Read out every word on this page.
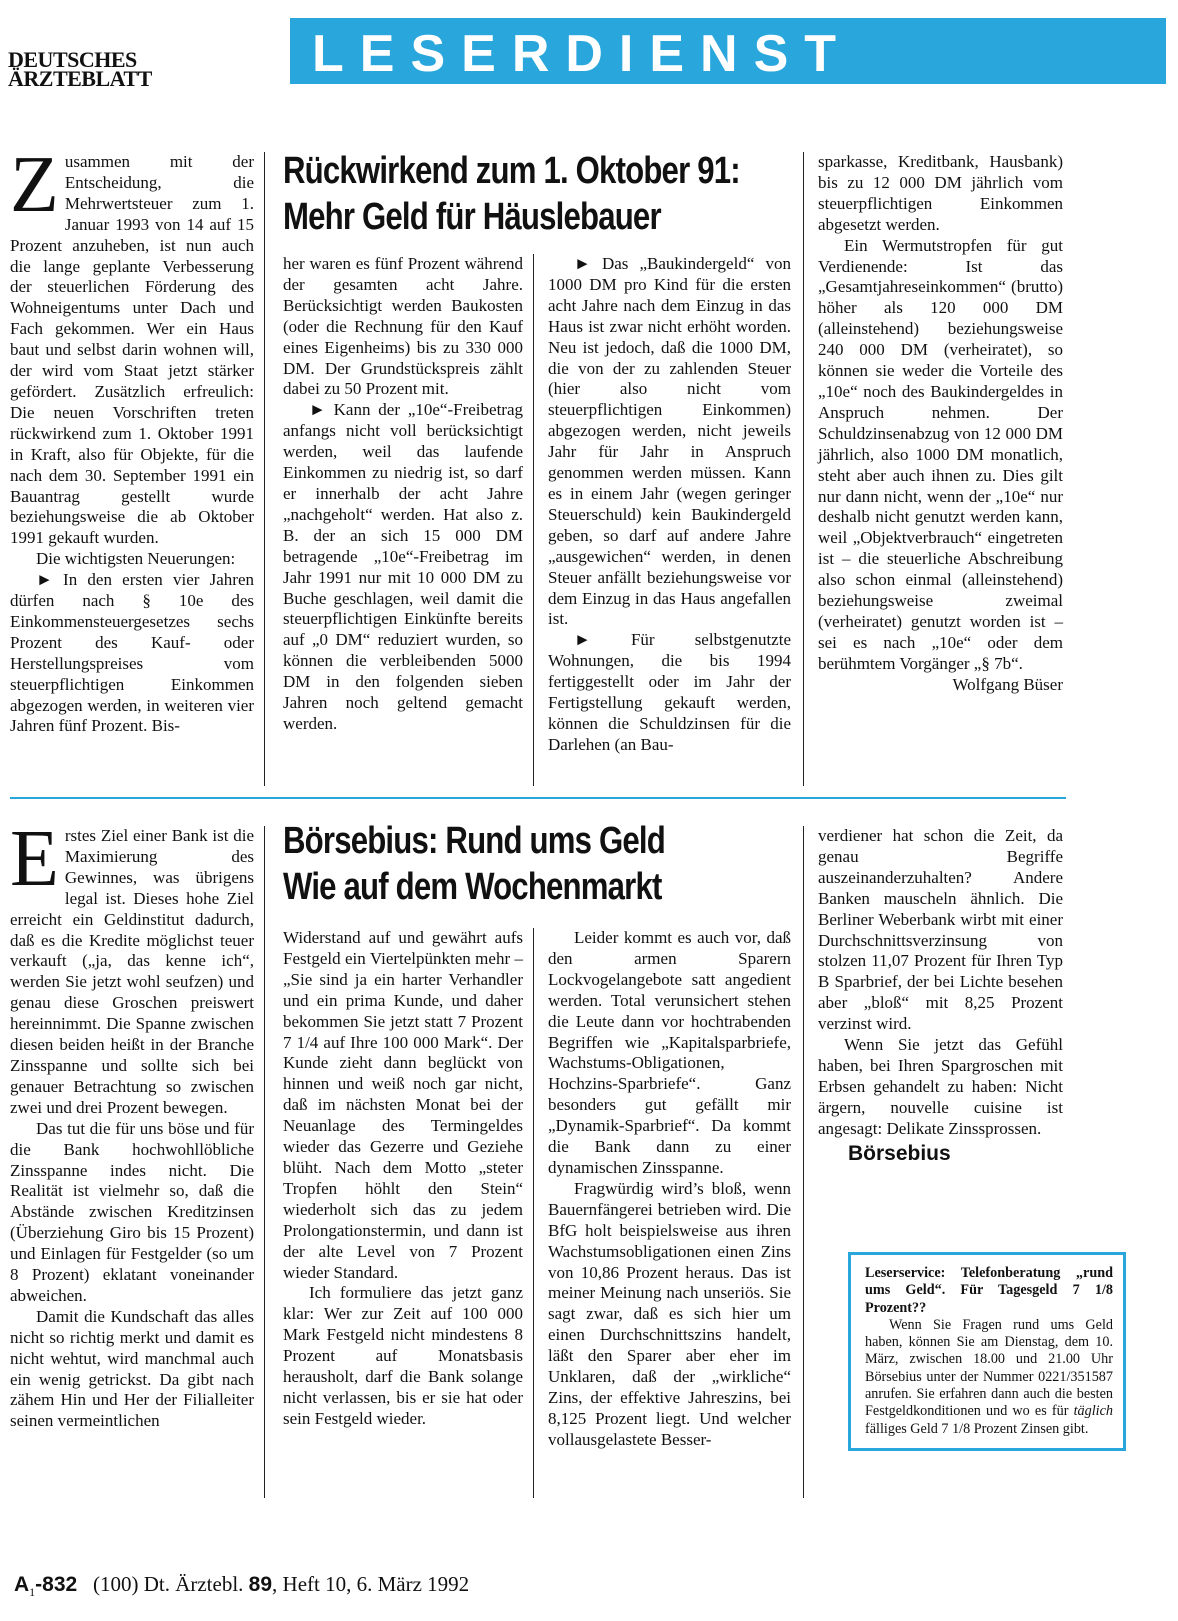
DEUTSCHES
ÄRZTEBLATT	LESERDIENST

Zusammen mit der Entscheidung, die Mehrwertsteuer zum 1. Januar 1993 von 14 auf 15 Prozent anzuheben, ist nun auch die lange geplante Verbesserung der steuerlichen Förderung des Wohneigentums unter Dach und Fach gekommen. Wer ein Haus baut und selbst darin wohnen will, der wird vom Staat jetzt stärker gefördert. Zusätzlich erfreulich: Die neuen Vorschriften treten rückwirkend zum 1. Oktober 1991 in Kraft, also für Objekte, für die nach dem 30. September 1991 ein Bauantrag gestellt wurde beziehungsweise die ab Oktober 1991 gekauft wurden.

Die wichtigsten Neuerungen:

► In den ersten vier Jahren dürfen nach § 10e des Einkommensteuergesetzes sechs Prozent des Kauf- oder Herstellungspreises vom steuerpflichtigen Einkommen abgezogen werden, in weiteren vier Jahren fünf Prozent. Bis-

Rückwirkend zum 1. Oktober 91:
Mehr Geld für Häuslebauer

her waren es fünf Prozent während der gesamten acht Jahre. Berücksichtigt werden Baukosten (oder die Rechnung für den Kauf eines Eigenheims) bis zu 330 000 DM. Der Grundstückspreis zählt dabei zu 50 Prozent mit.

► Kann der „10e“-Freibetrag anfangs nicht voll berücksichtigt werden, weil das laufende Einkommen zu niedrig ist, so darf er innerhalb der acht Jahre „nachgeholt“ werden. Hat also z. B. der an sich 15 000 DM betragende „10e“-Freibetrag im Jahr 1991 nur mit 10 000 DM zu Buche geschlagen, weil damit die steuerpflichtigen Einkünfte bereits auf „0 DM“ reduziert wurden, so können die verbleibenden 5000 DM in den folgenden sieben Jahren noch geltend gemacht werden.

► Das „Baukindergeld“ von 1000 DM pro Kind für die ersten acht Jahre nach dem Einzug in das Haus ist zwar nicht erhöht worden. Neu ist jedoch, daß die 1000 DM, die von der zu zahlenden Steuer (hier also nicht vom steuerpflichtigen Einkommen) abgezogen werden, nicht jeweils Jahr für Jahr in Anspruch genommen werden müssen. Kann es in einem Jahr (wegen geringer Steuerschuld) kein Baukindergeld geben, so darf auf andere Jahre „ausgewichen“ werden, in denen Steuer anfällt beziehungsweise vor dem Einzug in das Haus angefallen ist.

► Für selbstgenutzte Wohnungen, die bis 1994 fertiggestellt oder im Jahr der Fertigstellung gekauft werden, können die Schuldzinsen für die Darlehen (an Bau-

sparkasse, Kreditbank, Hausbank) bis zu 12 000 DM jährlich vom steuerpflichtigen Einkommen abgesetzt werden.

Ein Wermutstropfen für gut Verdienende: Ist das „Gesamtjahreseinkommen“ (brutto) höher als 120 000 DM (alleinstehend) beziehungsweise 240 000 DM (verheiratet), so können sie weder die Vorteile des „10e“ noch des Baukindergeldes in Anspruch nehmen. Der Schuldzinsenabzug von 12 000 DM jährlich, also 1000 DM monatlich, steht aber auch ihnen zu. Dies gilt nur dann nicht, wenn der „10e“ nur deshalb nicht genutzt werden kann, weil „Objektverbrauch“ eingetreten ist – die steuerliche Abschreibung also schon einmal (alleinstehend) beziehungsweise zweimal (verheiratet) genutzt worden ist – sei es nach „10e“ oder dem berühmtem Vorgänger „§ 7b“.

Wolfgang Büser

Erstes Ziel einer Bank ist die Maximierung des Gewinnes, was übrigens legal ist. Dieses hohe Ziel erreicht ein Geldinstitut dadurch, daß es die Kredite möglichst teuer verkauft („ja, das kenne ich“, werden Sie jetzt wohl seufzen) und genau diese Groschen preiswert hereinnimmt. Die Spanne zwischen diesen beiden heißt in der Branche Zinsspanne und sollte sich bei genauer Betrachtung so zwischen zwei und drei Prozent bewegen.

Das tut die für uns böse und für die Bank hochwohllöbliche Zinsspanne indes nicht. Die Realität ist vielmehr so, daß die Abstände zwischen Kreditzinsen (Überziehung Giro bis 15 Prozent) und Einlagen für Festgelder (so um 8 Prozent) eklatant voneinander abweichen.

Damit die Kundschaft das alles nicht so richtig merkt und damit es nicht wehtut, wird manchmal auch ein wenig getrickst. Da gibt nach zähem Hin und Her der Filialleiter seinen vermeintlichen

Börsebius: Rund ums Geld
Wie auf dem Wochenmarkt

Widerstand auf und gewährt aufs Festgeld ein Viertelpünkten mehr – „Sie sind ja ein harter Verhandler und ein prima Kunde, und daher bekommen Sie jetzt statt 7 Prozent 7 1/4 auf Ihre 100 000 Mark“. Der Kunde zieht dann beglückt von hinnen und weiß noch gar nicht, daß im nächsten Monat bei der Neuanlage des Termingeldes wieder das Gezerre und Geziehe blüht. Nach dem Motto „steter Tropfen höhlt den Stein“ wiederholt sich das zu jedem Prolongationstermin, und dann ist der alte Level von 7 Prozent wieder Standard.

Ich formuliere das jetzt ganz klar: Wer zur Zeit auf 100 000 Mark Festgeld nicht mindestens 8 Prozent auf Monatsbasis herausholt, darf die Bank solange nicht verlassen, bis er sie hat oder sein Festgeld wieder.

Leider kommt es auch vor, daß den armen Sparern Lockvogelangebote satt angedient werden. Total verunsichert stehen die Leute dann vor hochtrabenden Begriffen wie „Kapitalsparbriefe, Wachstums-Obligationen, Hochzins-Sparbriefe“. Ganz besonders gut gefällt mir „Dynamik-Sparbrief“. Da kommt die Bank dann zu einer dynamischen Zinsspanne.

Fragwürdig wird’s bloß, wenn Bauernfängerei betrieben wird. Die BfG holt beispielsweise aus ihren Wachstumsobligationen einen Zins von 10,86 Prozent heraus. Das ist meiner Meinung nach unseriös. Sie sagt zwar, daß es sich hier um einen Durchschnittszins handelt, läßt den Sparer aber eher im Unklaren, daß der „wirkliche“ Zins, der effektive Jahreszins, bei 8,125 Prozent liegt. Und welcher vollausgelastete Besser-

verdiener hat schon die Zeit, da genau Begriffe auszeinanderzuhalten? Andere Banken mauscheln ähnlich. Die Berliner Weberbank wirbt mit einer Durchschnittsverzinsung von stolzen 11,07 Prozent für Ihren Typ B Sparbrief, der bei Lichte besehen aber „bloß“ mit 8,25 Prozent verzinst wird.

Wenn Sie jetzt das Gefühl haben, bei Ihren Spargroschen mit Erbsen gehandelt zu haben: Nicht ärgern, nouvelle cuisine ist angesagt: Delikate Zinssprossen.

Börsebius

Leserservice: Telefonberatung „rund ums Geld“. Für Tagesgeld 7 1/8 Prozent??

Wenn Sie Fragen rund ums Geld haben, können Sie am Dienstag, dem 10. März, zwischen 18.00 und 21.00 Uhr Börsebius unter der Nummer 0221/351587 anrufen. Sie erfahren dann auch die besten Festgeldkonditionen und wo es für täglich fälliges Geld 7 1/8 Prozent Zinsen gibt.

$A_1-832$ (100) Dt. Ärztebl. 89, Heft 10, 6. März 1992
